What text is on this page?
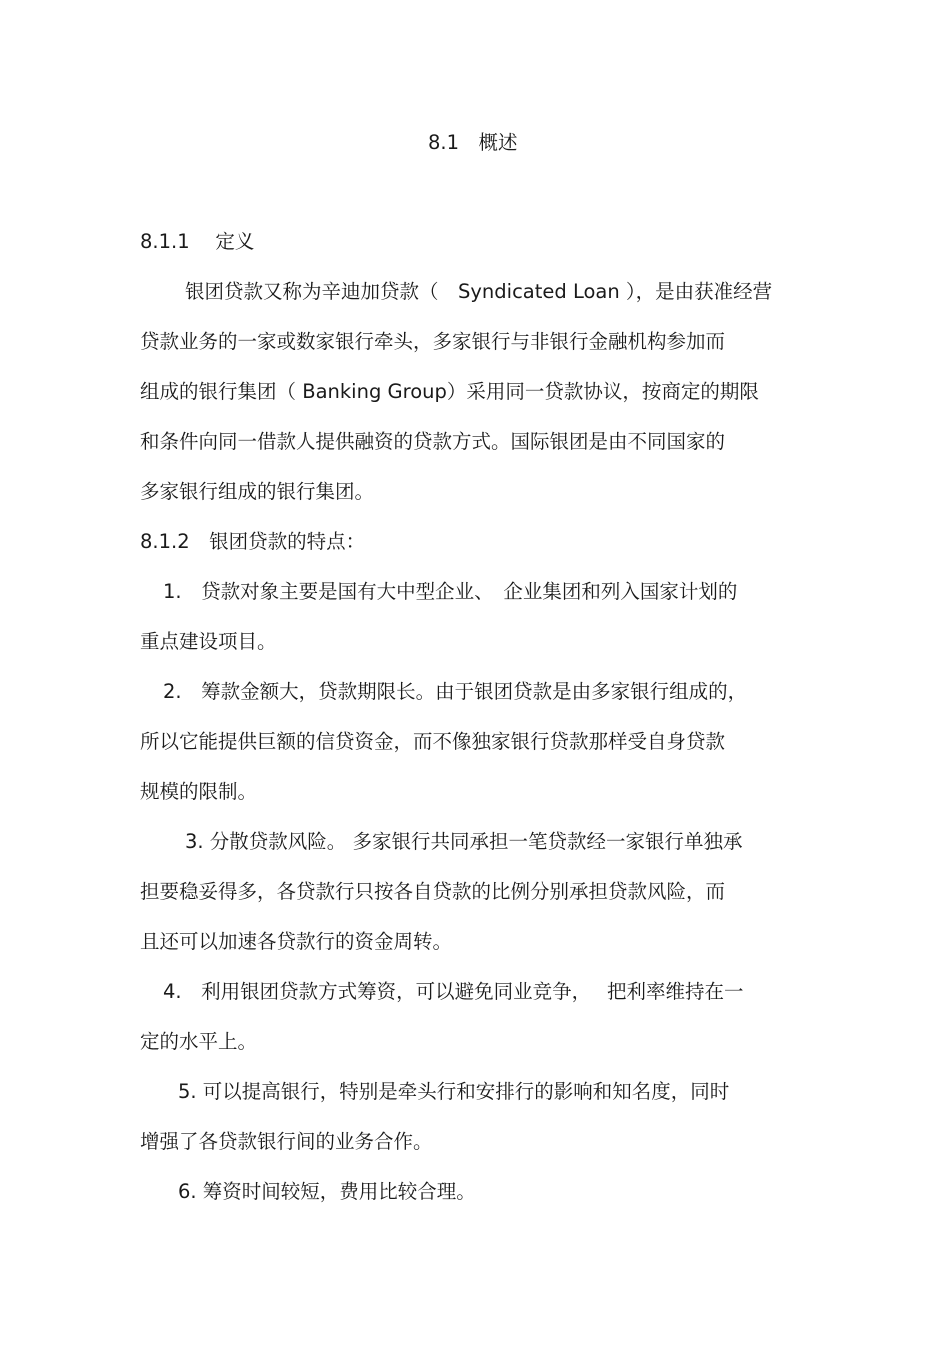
8.1　概述
8.1.1　 定义
银团贷款又称为辛迪加贷款（　Syndicated Loan ），是由获准经营
贷款业务的一家或数家银行牵头，多家银行与非银行金融机构参加而
组成的银行集团（ Banking Group）采用同一贷款协议，按商定的期限
和条件向同一借款人提供融资的贷款方式。国际银团是由不同国家的
多家银行组成的银行集团。
8.1.2　银团贷款的特点：
1.　贷款对象主要是国有大中型企业、　企业集团和列入国家计划的
重点建设项目。
2.　筹款金额大，贷款期限长。由于银团贷款是由多家银行组成的，
所以它能提供巨额的信贷资金，而不像独家银行贷款那样受自身贷款
规模的限制。
3. 分散贷款风险。 多家银行共同承担一笔贷款经一家银行单独承
担要稳妥得多，各贷款行只按各自贷款的比例分别承担贷款风险，而
且还可以加速各贷款行的资金周转。
4.　利用银团贷款方式筹资，可以避免同业竞争，　 把利率维持在一
定的水平上。
5. 可以提高银行，特别是牵头行和安排行的影响和知名度，同时
增强了各贷款银行间的业务合作。
6. 筹资时间较短，费用比较合理。
